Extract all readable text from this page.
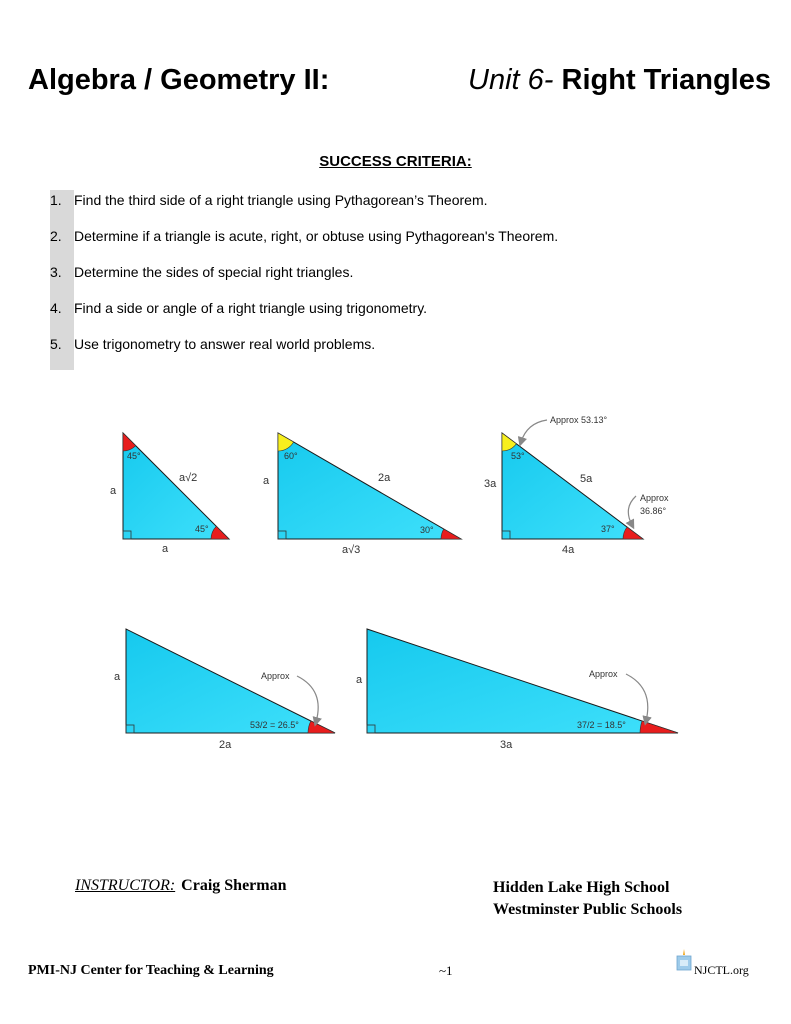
Algebra / Geometry II:	Unit 6- Right Triangles
SUCCESS CRITERIA:
1. Find the third side of a right triangle using Pythagorean’s Theorem.
2. Determine if a triangle is acute, right, or obtuse using Pythagorean's Theorem.
3. Determine the sides of special right triangles.
4. Find a side or angle of a right triangle using trigonometry.
5. Use trigonometry to answer real world problems.
a
a
a√2
45°
45°
a
a√3
2a
60°
30°
3a
4a
5a
53°
37°
Approx 53.13°
Approx
36.86°
a
2a
Approx
53/2 = 26.5°
a
3a
Approx
37/2 = 18.5°
INSTRUCTOR: Craig Sherman	Hidden Lake High School
Westminster Public Schools
PMI-NJ Center for Teaching & Learning	~1	NJCTL.org
